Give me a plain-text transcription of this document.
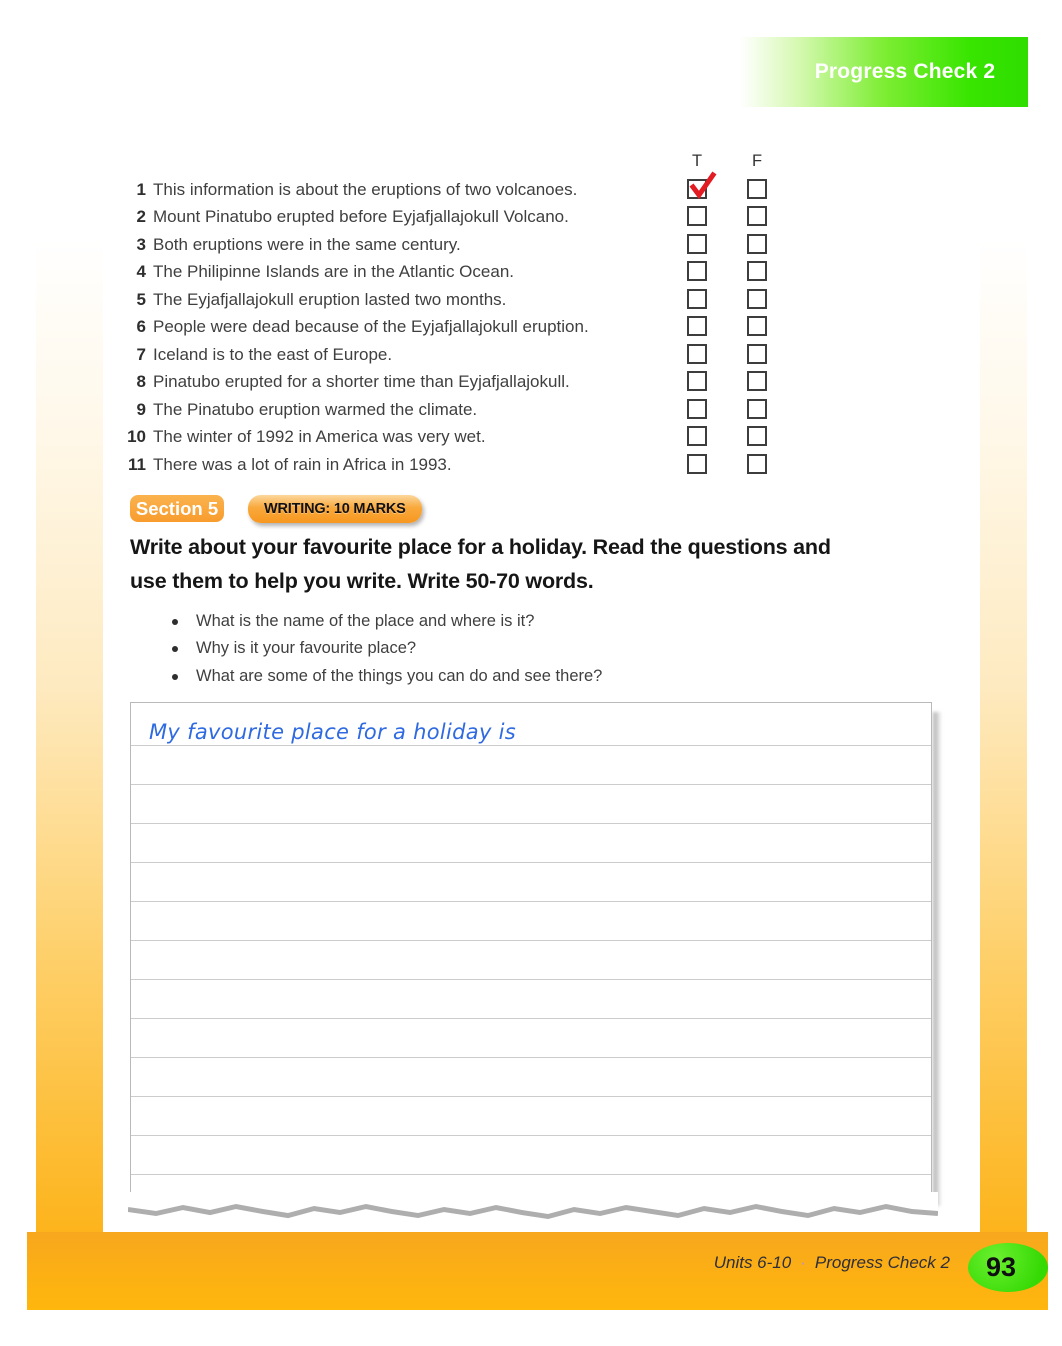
Progress Check 2
T	F
1 This information is about the eruptions of two volcanoes.
2 Mount Pinatubo erupted before Eyjafjallajokull Volcano.
3 Both eruptions were in the same century.
4 The Philipinne Islands are in the Atlantic Ocean.
5 The Eyjafjallajokull eruption lasted two months.
6 People were dead because of the Eyjafjallajokull eruption.
7 Iceland is to the east of Europe.
8 Pinatubo erupted for a shorter time than Eyjafjallajokull.
9 The Pinatubo eruption warmed the climate.
10 The winter of 1992 in America was very wet.
11 There was a lot of rain in Africa in 1993.
Section 5	WRITING: 10 MARKS
Write about your favourite place for a holiday. Read the questions and
use them to help you write. Write 50-70 words.
What is the name of the place and where is it?
Why is it your favourite place?
What are some of the things you can do and see there?
My favourite place for a holiday is
Units 6-10 · Progress Check 2 93
